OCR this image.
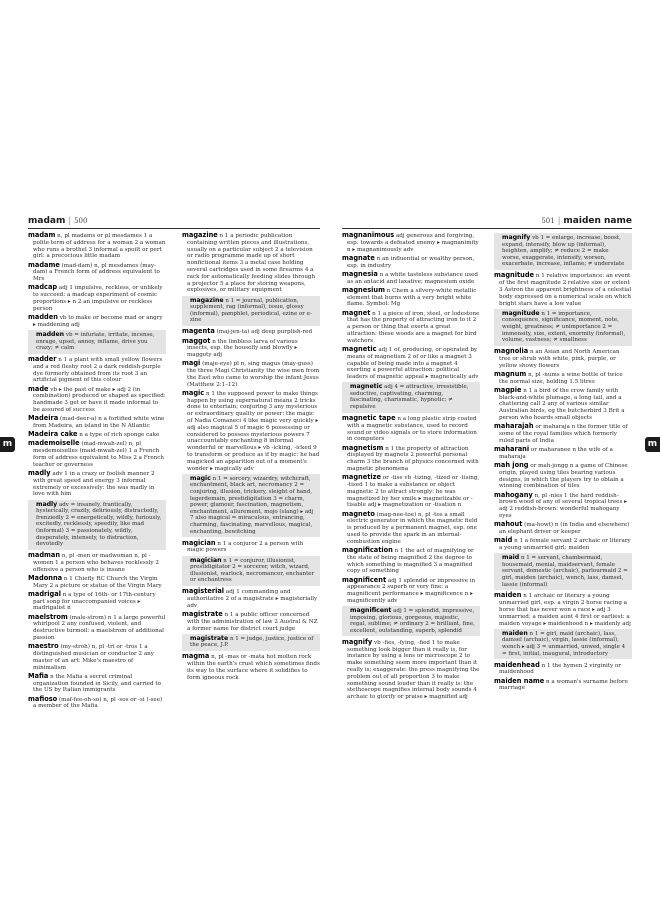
madam | 500
madam n, pl madams or pl mesdames 1 a polite term of address for a woman 2 a woman who runs a brothel 3 informal a spoilt or pert girl: a precocious little madam
madame (mad-dam) n, pl mesdames (may-dam) a French form of address equivalent to Mrs
madcap adj 1 impulsive, reckless, or unlikely to succeed: a madcap experiment of cosmic proportions ▸ n 2 an impulsive or reckless person
madden vb to make or become mad or angry ▸ maddening adj
madden vb = infuriate, irritate, incense, enrage, upset, annoy, inflame, drive you crazy; ≠ calm
madder n 1 a plant with small yellow flowers and a red fleshy root 2 a dark reddish-purple dye formerly obtained from its root 3 an artificial pigment of this colour
made vb ▸ the past of make ▸ adj 2 (in combination) produced or shaped as specified: handmade 3 get or have it made informal to be assured of success
Madeira (mad-deer-a) n a fortified white wine from Madeira, an island in the N Atlantic
Madeira cake n a type of rich sponge cake
mademoiselle (mad-mwah-zel) n, pl mesdemoiselles (maid-mwah-zel) 1 a French form of address equivalent to Miss 2 a French teacher or governess
madly adv 1 in a crazy or foolish manner 2 with great speed and energy 3 informal extremely or excessively: the was madly in love with him
madly adv = insanely, frantically, hysterically, crazily, deliriously, distractedly, frenziedly 2 = energetically, wildly, furiously, excitedly, recklessly, speedily, like mad (informal) 3 = passionately, wildly, desperately, intensely, to distraction, devotedly
madman n, pl -men or madwoman n, pl -women 1 a person who behaves recklessly 2 offensive a person who is insane
Madonna n 1 Chiefly RC Church the Virgin Mary 2 a picture or statue of the Virgin Mary
madrigal n a type of 16th- or 17th-century part song for unaccompanied voices ▸ madrigalist n
maelstrom (male-strom) n 1 a large powerful whirlpool 2 any confused, violent, and destructive turmoil: a maelstrom of additional passion
maestro (my-stroh) n, pl -tri or -tros 1 a distinguished musician or conductor 2 any master of an art: Mike's maestro of minimalism
Mafia n the Mafia a secret criminal organization founded in Sicily, and carried to the US by Italian immigrants
mafioso (maf-fee-oh-so) n, pl -sos or -si (-see) a member of the Mafia
magazine n 1 a periodic publication containing written pieces and illustrations, usually on a particular subject 2 a television or radio programme made up of short nonfictional items 3 a metal case holding several cartridges used in some firearms 4 a rack for automatically feeding slides through a projector 5 a place for storing weapons, explosives, or military equipment
magazine n 1 = journal, publication, supplement, rag (informal), issue, glossy (informal), pamphlet, periodical, ezine or e-zine
magenta (maj-jen-ta) adj deep purplish-red
maggot n the limbless larva of various insects, esp. the housefly and blowfly ▸ maggoty adj
magi (maje-eye) pl n, sing magus (may-guss) the three Magi Christianity the wise men from the East who came to worship the infant Jesus (Matthew 2:1–12)
magic n 1 the supposed power to make things happen by using supernatural means 2 tricks done to entertain; conjuring 3 any mysterious or extraordinary quality or power: the magic of Nadia Comaneci 4 like magic very quickly ▸ adj also magical 5 of magic 6 possessing or considered to possess mysterious powers 7 unaccountably enchanting 8 informal wonderful or marvellous ▸ vb -icking, -icked 9 to transform or produce as if by magic: he had magicked an apparition out of a moment's wonder ▸ magically adv
magic n 1 = sorcery, wizardry, witchcraft, enchantment, black art, necromancy 2 = conjuring, illusion, trickery, sleight of hand, legerdemain, prestidigitation 3 = charm, power, glamour, fascination, magnetism, enchantment, allurement, mojo (slang) ▸ adj 7 also magical = miraculous, entrancing, charming, fascinating, marvellous, magical, enchanting, bewitching
magician n 1 a conjuror 2 a person with magic powers
magician n 1 = conjuror, illusionist, prestidigitator 2 = sorcerer, witch, wizard, illusionist, warlock, necromancer, enchanter or enchantress
magisterial adj 1 commanding and authoritative 2 of a magistrate ▸ magisterially adv
magistrate n 1 a public officer concerned with the administration of law 2 Austral & NZ a former name for district court judge
magistrate n 1 = judge, justice, justice of the peace, J.P.
magma n, pl -mas or -mata hot molten rock within the earth's crust which sometimes finds its way to the surface where it solidifies to form igneous rock
m
501 | maiden name
magnanimous adj generous and forgiving, esp. towards a defeated enemy ▸ magnanimity n ▸ magnanimously adv
magnate n an influential or wealthy person, esp. in industry
magnesia n a white tasteless substance used as an antacid and laxative; magnesium oxide
magnesium n Chem a silvery-white metallic element that burns with a very bright white flame. Symbol: Mg
magnet n 1 a piece of iron, steel, or lodestone that has the property of attracting iron to it 2 a person or thing that exerts a great attraction: these woods are a magnet for bird watchers
magnetic adj 1 of, producing, or operated by means of magnetism 2 of or like a magnet 3 capable of being made into a magnet 4 exerting a powerful attraction: political leaders of magnetic appeal ▸ magnetically adv
magnetic adj 4 = attractive, irresistible, seductive, captivating, charming, fascinating, charismatic, hypnotic; ≠ repulsive
magnetic tape n a long plastic strip coated with a magnetic substance, used to record sound or video signals or to store information in computers
magnetism n 1 the property of attraction displayed by magnets 2 powerful personal charm 3 the branch of physics concerned with magnetic phenomena
magnetize or -tise vb -tizing, -tized or -tising, -tised 1 to make a substance or object magnetic 2 to attract strongly: he was magnetized by her smile ▸ magnetizable or -tisable adj ▸ magnetization or -tisation n
magneto (mag-nee-toe) n, pl -tos a small electric generator in which the magnetic field is produced by a permanent magnet, esp. one used to provide the spark in an internal-combustion engine
magnification n 1 the act of magnifying or the state of being magnified 2 the degree to which something is magnified 3 a magnified copy of something
magnificent adj 1 splendid or impressive in appearance 2 superb or very fine: a magnificent performance ▸ magnificence n ▸ magnificently adv
magnificent adj 1 = splendid, impressive, imposing, glorious, gorgeous, majestic, regal, sublime; ≠ ordinary 2 = brilliant, fine, excellent, outstanding, superb, splendid
magnify vb -fies, -fying, -fied 1 to make something look bigger than it really is, for instance by using a lens or microscope 2 to make something seem more important than it really is; exaggerate: the press magnifying the problem out of all proportion 3 to make something sound louder than it really is: the stethoscope magnifies internal body sounds 4 archaic to glorify or praise ▸ magnified adj
magnify vb 1 = enlarge, increase, boost, expand, intensify, blow up (informal), heighten, amplify; ≠ reduce 2 = make worse, exaggerate, intensify, worsen, exacerbate, increase, inflame; ≠ understate
magnitude n 1 relative importance: an event of the first magnitude 2 relative size or extent 3 Astron the apparent brightness of a celestial body expressed on a numerical scale on which bright stars have a low value
magnitude n 1 = importance, consequence, significance, moment, note, weight, greatness; ≠ unimportance 2 = immensity, size, extent, enormity (informal), volume, vastness; ≠ smallness
magnolia n an Asian and North American tree or shrub with white, pink, purple, or yellow showy flowers
magnum n, pl -nums a wine bottle of twice the normal size, holding 1.5 litres
magpie n 1 a bird of the crow family with black-and-white plumage, a long tail, and a chattering call 2 any of various similar Australian birds, eg the butcherbird 3 Brit a person who hoards small objects
maharajah or maharaja n the former title of some of the royal families which formerly ruled parts of India
maharani or maharanee n the wife of a maharaja
mah jong or mah-jongg n a game of Chinese origin, played using tiles bearing various designs, in which the players try to obtain a winning combination of tiles
mahogany n, pl -nies 1 the hard reddish-brown wood of any of several tropical trees ▸ adj 2 reddish-brown: wonderful mahogany eyes
mahout (ma-howt) n (in India and elsewhere) an elephant driver or keeper
maid n 1 a female servant 2 archaic or literary a young unmarried girl; maiden
maid n 1 = servant, chambermaid, housemaid, menial, maidservant, female servant, domestic (archaic), parlourmaid 2 = girl, maiden (archaic), wench, lass, damsel, lassie (informal)
maiden n 1 archaic or literary a young unmarried girl, esp. a virgin 2 horse racing a horse that has never won a race ▸ adj 3 unmarried: a maiden aunt 4 first or earliest: a maiden voyage ▸ maidenhood n ▸ maidenly adj
maiden n 1 = girl, maid (archaic), lass, damsel (archaic), virgin, lassie (informal), wench ▸ adj 3 = unmarried, unwed, single 4 = first, initial, inaugural, introductory
maidenhead n 1 the hymen 2 virginity or maidenhood
maiden name n a woman's surname before marriage
m
